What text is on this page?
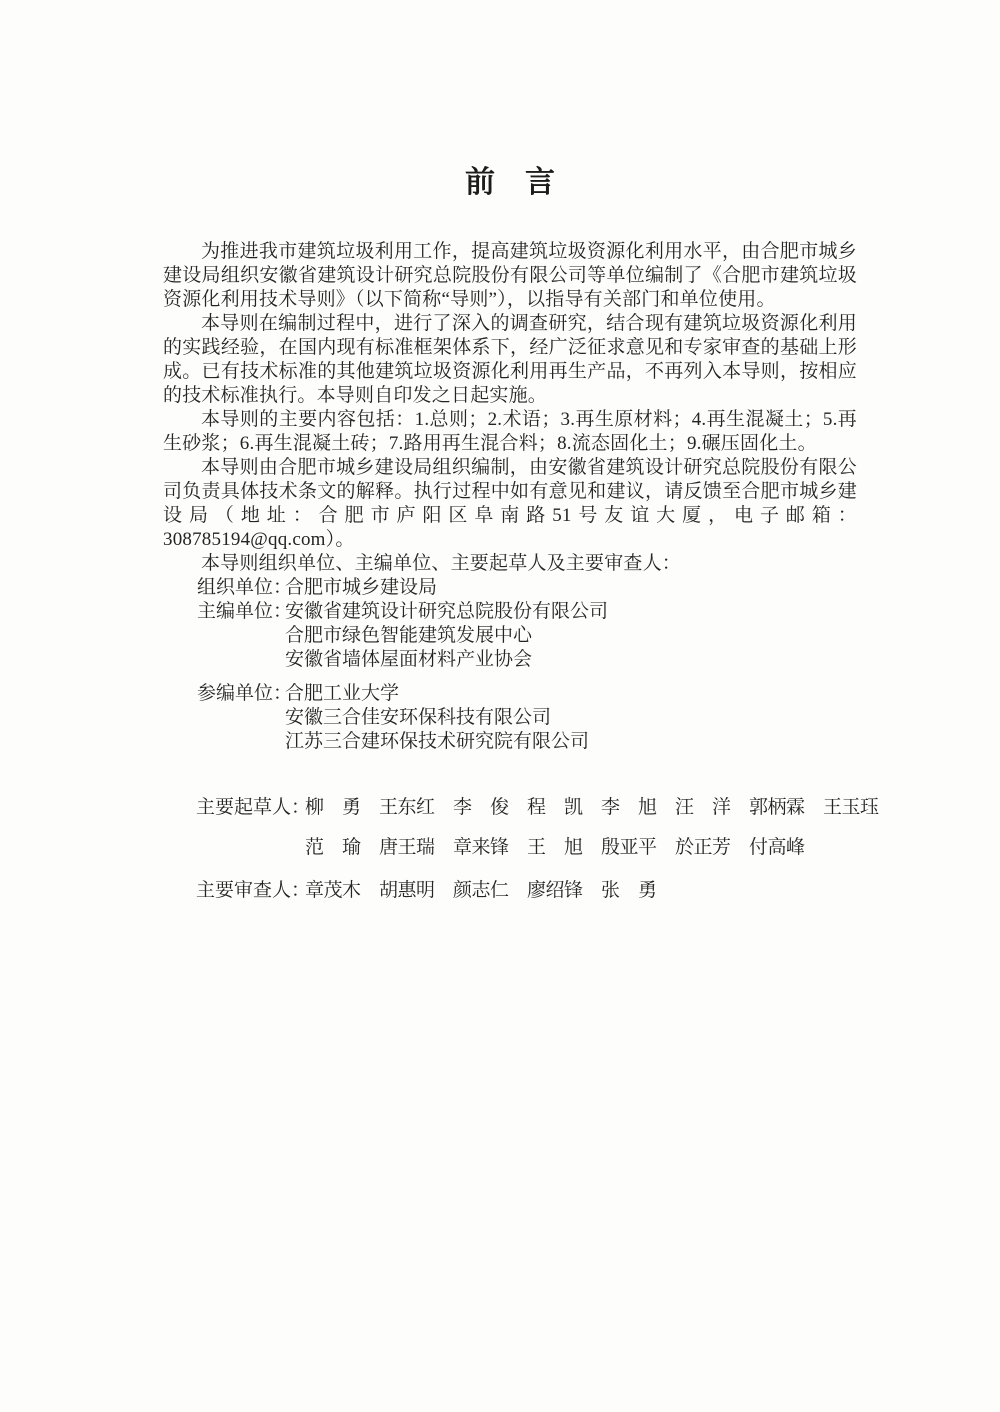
前　言

为推进我市建筑垃圾利用工作，提高建筑垃圾资源化利用水平，由合肥市城乡建设局组织安徽省建筑设计研究总院股份有限公司等单位编制了《合肥市建筑垃圾资源化利用技术导则》（以下简称“导则”），以指导有关部门和单位使用。

本导则在编制过程中，进行了深入的调查研究，结合现有建筑垃圾资源化利用的实践经验，在国内现有标准框架体系下，经广泛征求意见和专家审查的基础上形成。已有技术标准的其他建筑垃圾资源化利用再生产品，不再列入本导则，按相应的技术标准执行。本导则自印发之日起实施。

本导则的主要内容包括：1.总则；2.术语；3.再生原材料；4.再生混凝土；5.再生砂浆；6.再生混凝土砖；7.路用再生混合料；8.流态固化土；9.碾压固化土。

本导则由合肥市城乡建设局组织编制，由安徽省建筑设计研究总院股份有限公司负责具体技术条文的解释。执行过程中如有意见和建议，请反馈至合肥市城乡建设局（地址：合肥市庐阳区阜南路51号友谊大厦，电子邮箱：308785194@qq.com）。

本导则组织单位、主编单位、主要起草人及主要审查人：

组织单位：
合肥市城乡建设局
主编单位：
安徽省建筑设计研究总院股份有限公司
合肥市绿色智能建筑发展中心
安徽省墙体屋面材料产业协会
参编单位：
合肥工业大学
安徽三合佳安环保科技有限公司
江苏三合建环保技术研究院有限公司
主要起草人：
柳　勇　王东红　李　俊　程　凯　李　旭　汪　洋　郭柄霖　王玉珏
范　瑜　唐王瑞　章来锋　王　旭　殷亚平　於正芳　付高峰
主要审查人：
章茂木　胡惠明　颜志仁　廖绍锋　张　勇
